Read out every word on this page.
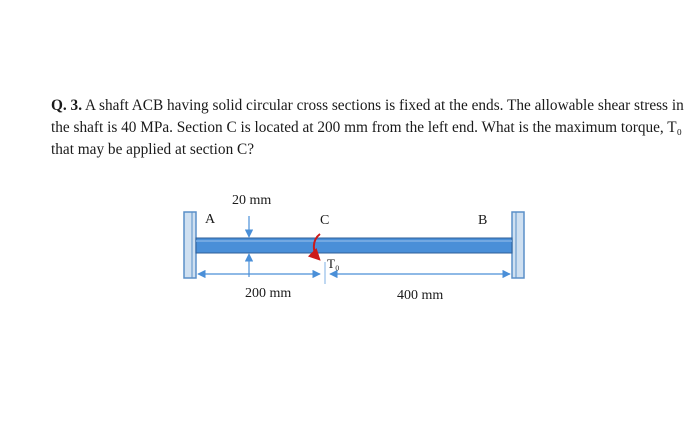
Q. 3. A shaft ACB having solid circular cross sections is fixed at the ends. The allowable shear stress in the shaft is 40 MPa. Section C is located at 200 mm from the left end. What is the maximum torque, T₀ that may be applied at section C?

20 mm
A	C	B
T₀
200 mm	400 mm
